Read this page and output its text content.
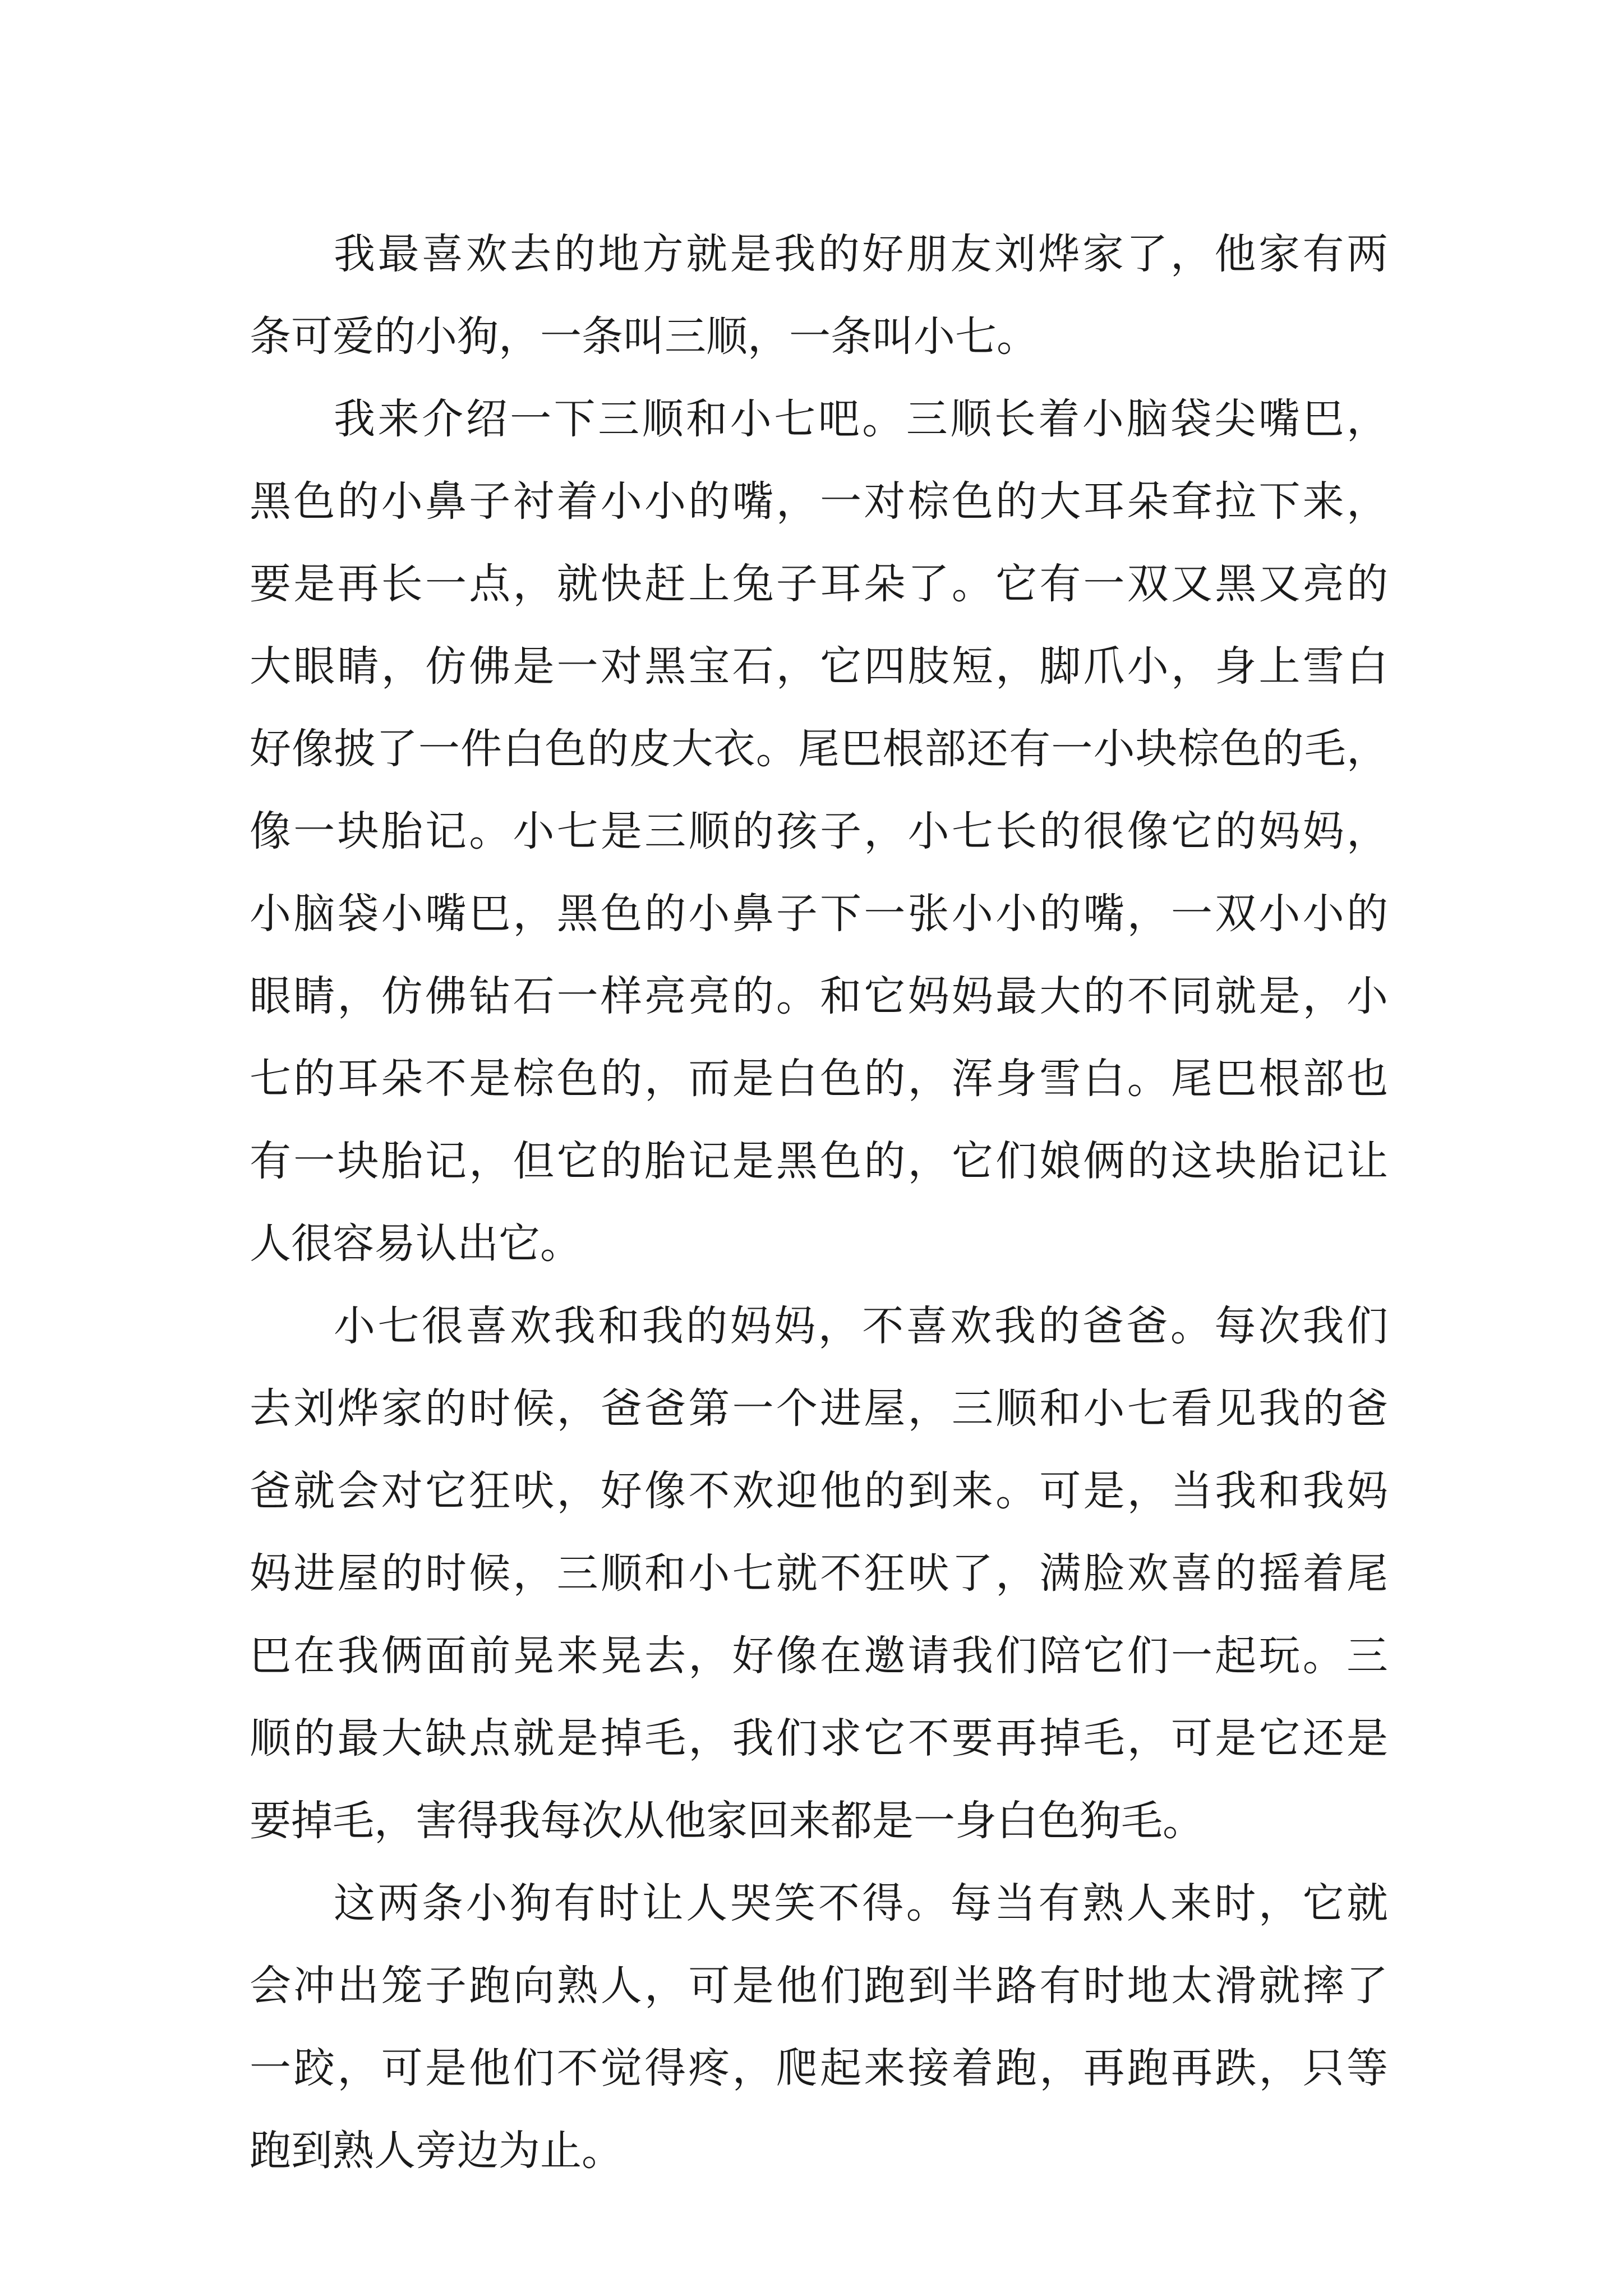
我最喜欢去的地方就是我的好朋友刘烨家了，他家有两
条可爱的小狗，一条叫三顺，一条叫小七。
我来介绍一下三顺和小七吧。三顺长着小脑袋尖嘴巴，
黑色的小鼻子衬着小小的嘴，一对棕色的大耳朵耷拉下来，
要是再长一点，就快赶上兔子耳朵了。它有一双又黑又亮的
大眼睛，仿佛是一对黑宝石，它四肢短，脚爪小，身上雪白
好像披了一件白色的皮大衣。尾巴根部还有一小块棕色的毛，
像一块胎记。小七是三顺的孩子，小七长的很像它的妈妈，
小脑袋小嘴巴，黑色的小鼻子下一张小小的嘴，一双小小的
眼睛，仿佛钻石一样亮亮的。和它妈妈最大的不同就是，小
七的耳朵不是棕色的，而是白色的，浑身雪白。尾巴根部也
有一块胎记，但它的胎记是黑色的，它们娘俩的这块胎记让
人很容易认出它。
小七很喜欢我和我的妈妈，不喜欢我的爸爸。每次我们
去刘烨家的时候，爸爸第一个进屋，三顺和小七看见我的爸
爸就会对它狂吠，好像不欢迎他的到来。可是，当我和我妈
妈进屋的时候，三顺和小七就不狂吠了，满脸欢喜的摇着尾
巴在我俩面前晃来晃去，好像在邀请我们陪它们一起玩。三
顺的最大缺点就是掉毛，我们求它不要再掉毛，可是它还是
要掉毛，害得我每次从他家回来都是一身白色狗毛。
这两条小狗有时让人哭笑不得。每当有熟人来时，它就
会冲出笼子跑向熟人，可是他们跑到半路有时地太滑就摔了
一跤，可是他们不觉得疼，爬起来接着跑，再跑再跌，只等
跑到熟人旁边为止。
